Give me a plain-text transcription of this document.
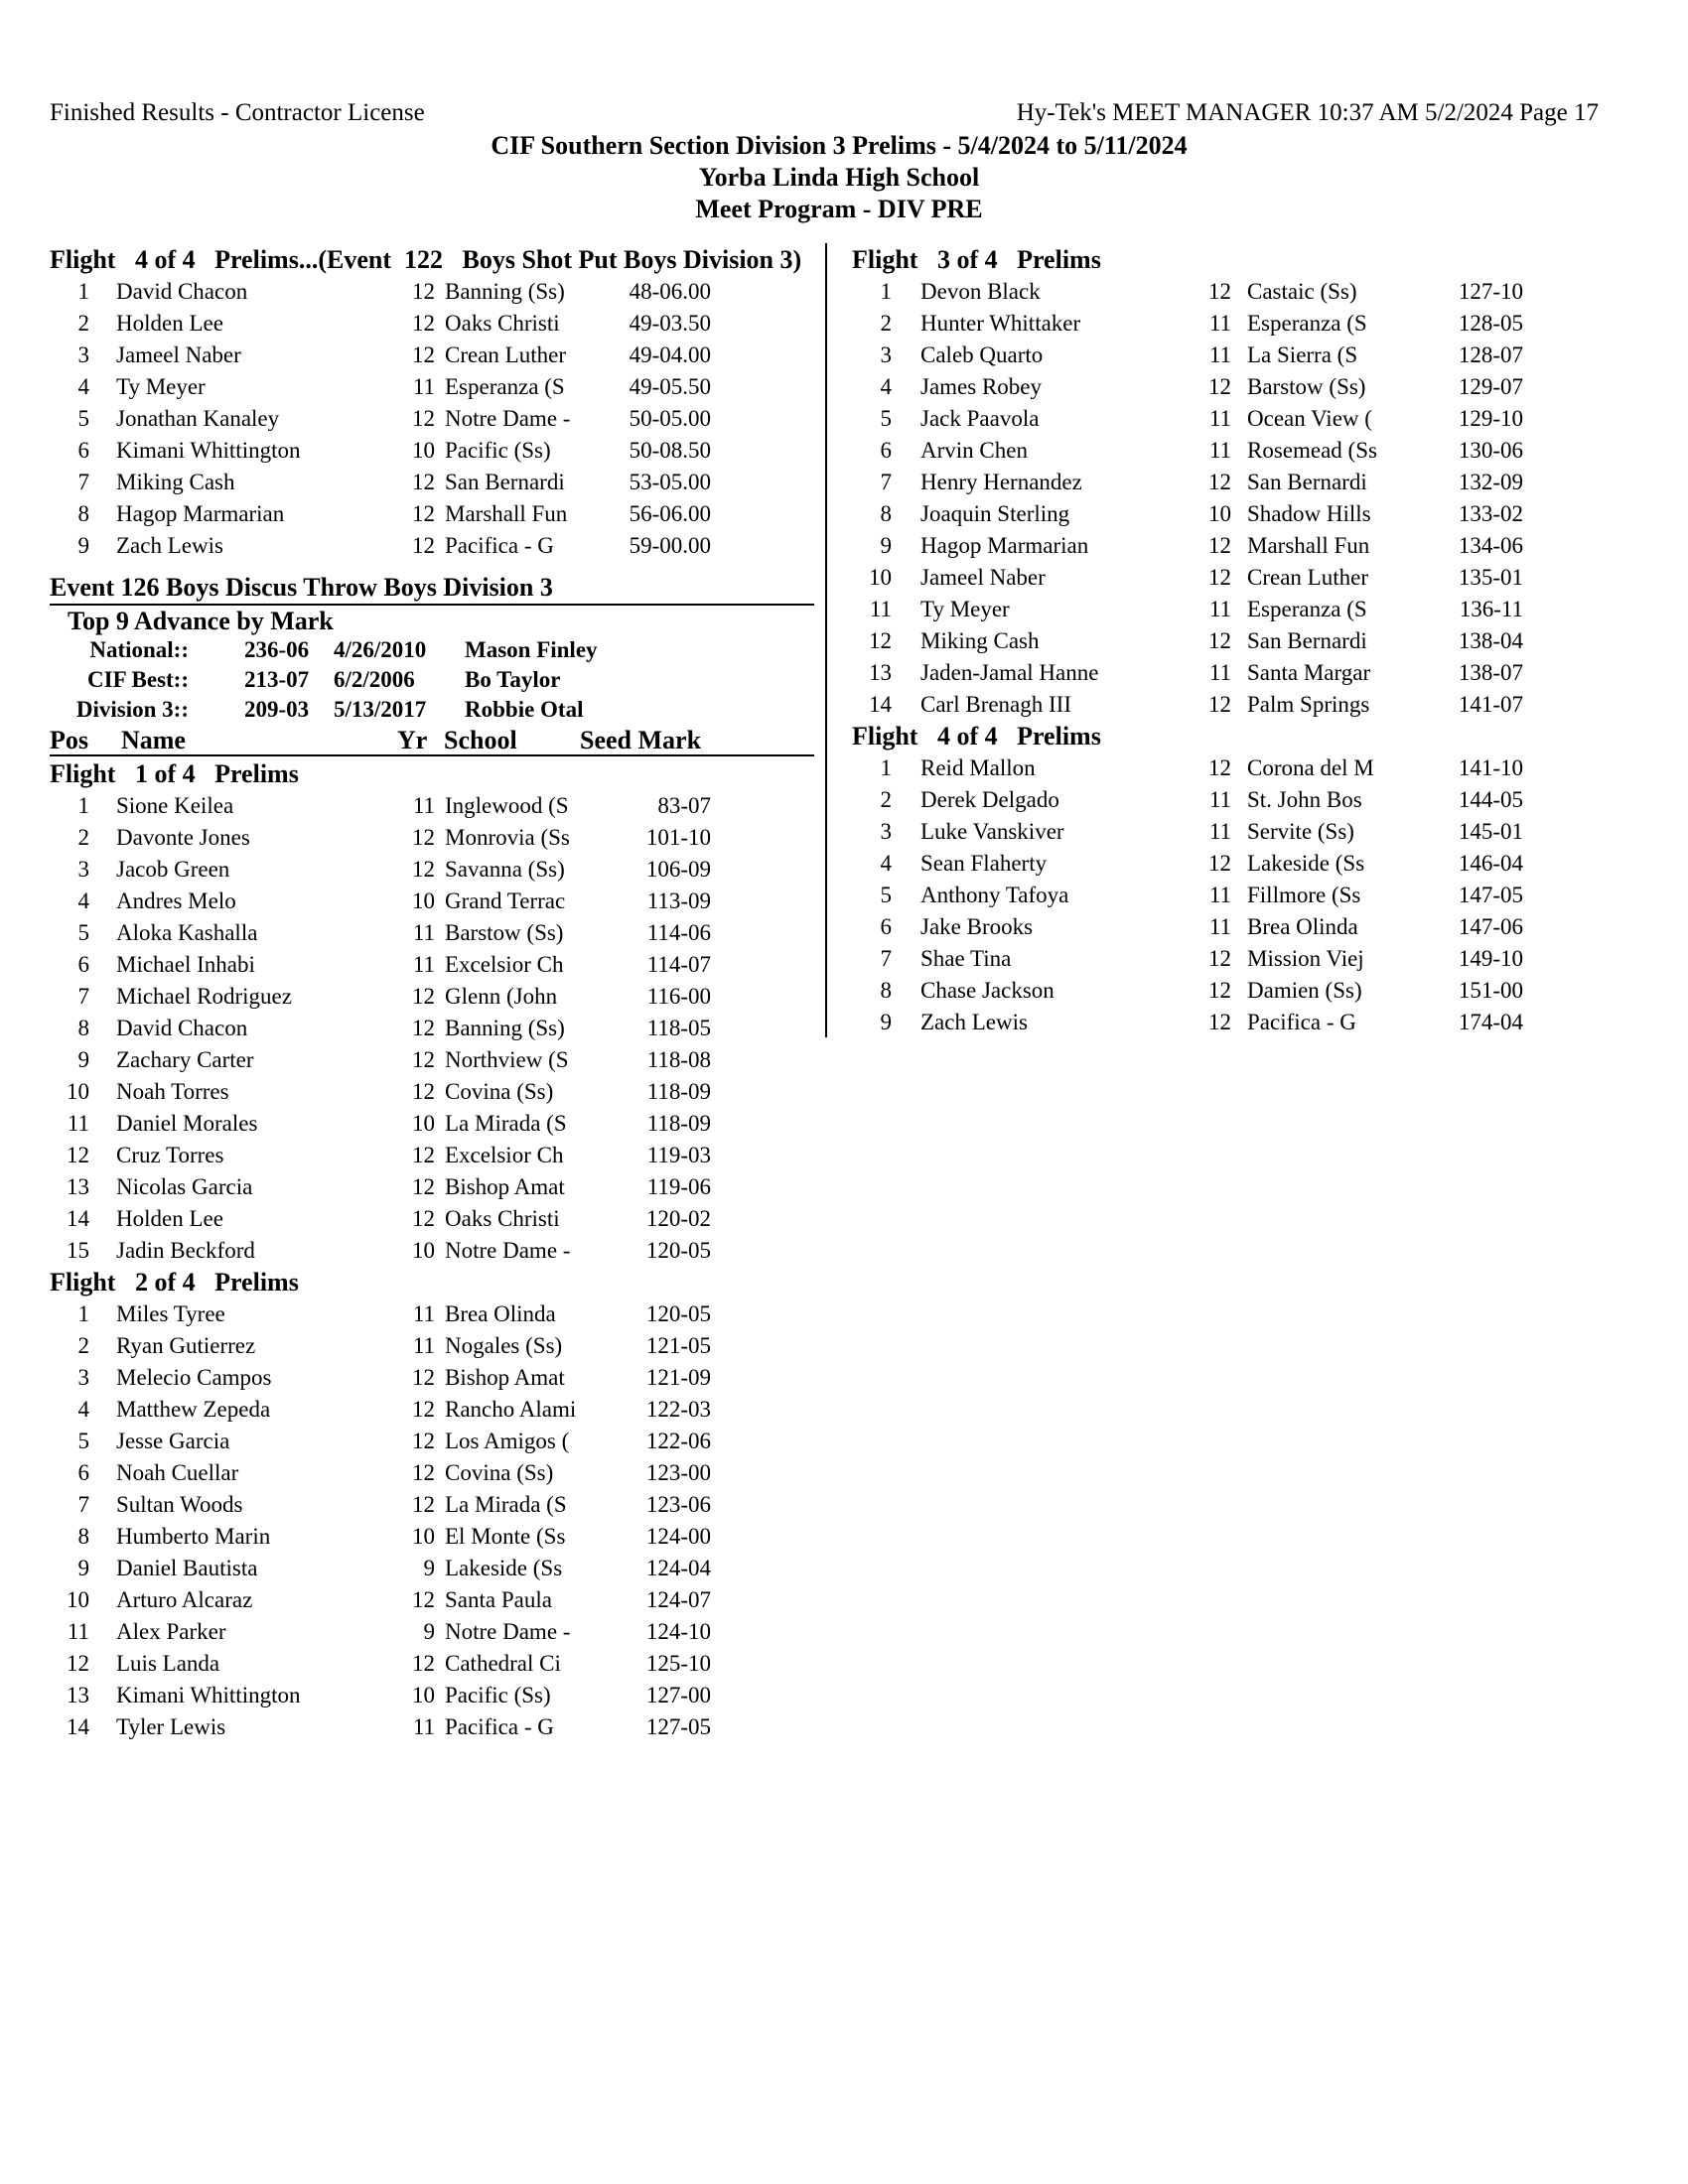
Finished Results - Contractor License	Hy-Tek's MEET MANAGER 10:37 AM 5/2/2024 Page 17
CIF Southern Section Division 3 Prelims - 5/4/2024 to 5/11/2024
Yorba Linda High School
Meet Program - DIV PRE
Flight   4 of 4   Prelims...(Event  122   Boys Shot Put Boys Division 3)
1 David Chacon	12 Banning (Ss)	48-06.00
2 Holden Lee	12 Oaks Christi	49-03.50
3 Jameel Naber	12 Crean Luther	49-04.00
4 Ty Meyer	11 Esperanza (S	49-05.50
5 Jonathan Kanaley	12 Notre Dame -	50-05.00
6 Kimani Whittington	10 Pacific (Ss)	50-08.50
7 Miking Cash	12 San Bernardi	53-05.00
8 Hagop Marmarian	12 Marshall Fun	56-06.00
9 Zach Lewis	12 Pacifica - G	59-00.00
Event 126 Boys Discus Throw Boys Division 3
Top 9 Advance by Mark
National:: 236-06 4/26/2010 Mason Finley
CIF Best:: 213-07 6/2/2006 Bo Taylor
Division 3:: 209-03 5/13/2017 Robbie Otal
Pos Name	Yr School Seed Mark
Flight   1 of 4   Prelims
1 Sione Keilea	11 Inglewood (S	83-07
2 Davonte Jones	12 Monrovia (Ss	101-10
3 Jacob Green	12 Savanna (Ss)	106-09
4 Andres Melo	10 Grand Terrac	113-09
5 Aloka Kashalla	11 Barstow (Ss)	114-06
6 Michael Inhabi	11 Excelsior Ch	114-07
7 Michael Rodriguez	12 Glenn (John	116-00
8 David Chacon	12 Banning (Ss)	118-05
9 Zachary Carter	12 Northview (S	118-08
10 Noah Torres	12 Covina (Ss)	118-09
11 Daniel Morales	10 La Mirada (S	118-09
12 Cruz Torres	12 Excelsior Ch	119-03
13 Nicolas Garcia	12 Bishop Amat	119-06
14 Holden Lee	12 Oaks Christi	120-02
15 Jadin Beckford	10 Notre Dame -	120-05
Flight   2 of 4   Prelims
1 Miles Tyree	11 Brea Olinda	120-05
2 Ryan Gutierrez	11 Nogales (Ss)	121-05
3 Melecio Campos	12 Bishop Amat	121-09
4 Matthew Zepeda	12 Rancho Alami	122-03
5 Jesse Garcia	12 Los Amigos (	122-06
6 Noah Cuellar	12 Covina (Ss)	123-00
7 Sultan Woods	12 La Mirada (S	123-06
8 Humberto Marin	10 El Monte (Ss	124-00
9 Daniel Bautista	9 Lakeside (Ss	124-04
10 Arturo Alcaraz	12 Santa Paula	124-07
11 Alex Parker	9 Notre Dame -	124-10
12 Luis Landa	12 Cathedral Ci	125-10
13 Kimani Whittington	10 Pacific (Ss)	127-00
14 Tyler Lewis	11 Pacifica - G	127-05
Flight   3 of 4   Prelims
1 Devon Black	12 Castaic (Ss)	127-10
2 Hunter Whittaker	11 Esperanza (S	128-05
3 Caleb Quarto	11 La Sierra (S	128-07
4 James Robey	12 Barstow (Ss)	129-07
5 Jack Paavola	11 Ocean View (	129-10
6 Arvin Chen	11 Rosemead (Ss	130-06
7 Henry Hernandez	12 San Bernardi	132-09
8 Joaquin Sterling	10 Shadow Hills	133-02
9 Hagop Marmarian	12 Marshall Fun	134-06
10 Jameel Naber	12 Crean Luther	135-01
11 Ty Meyer	11 Esperanza (S	136-11
12 Miking Cash	12 San Bernardi	138-04
13 Jaden-Jamal Hanne	11 Santa Margar	138-07
14 Carl Brenagh III	12 Palm Springs	141-07
Flight   4 of 4   Prelims
1 Reid Mallon	12 Corona del M	141-10
2 Derek Delgado	11 St. John Bos	144-05
3 Luke Vanskiver	11 Servite (Ss)	145-01
4 Sean Flaherty	12 Lakeside (Ss	146-04
5 Anthony Tafoya	11 Fillmore (Ss	147-05
6 Jake Brooks	11 Brea Olinda	147-06
7 Shae Tina	12 Mission Viej	149-10
8 Chase Jackson	12 Damien (Ss)	151-00
9 Zach Lewis	12 Pacifica - G	174-04
